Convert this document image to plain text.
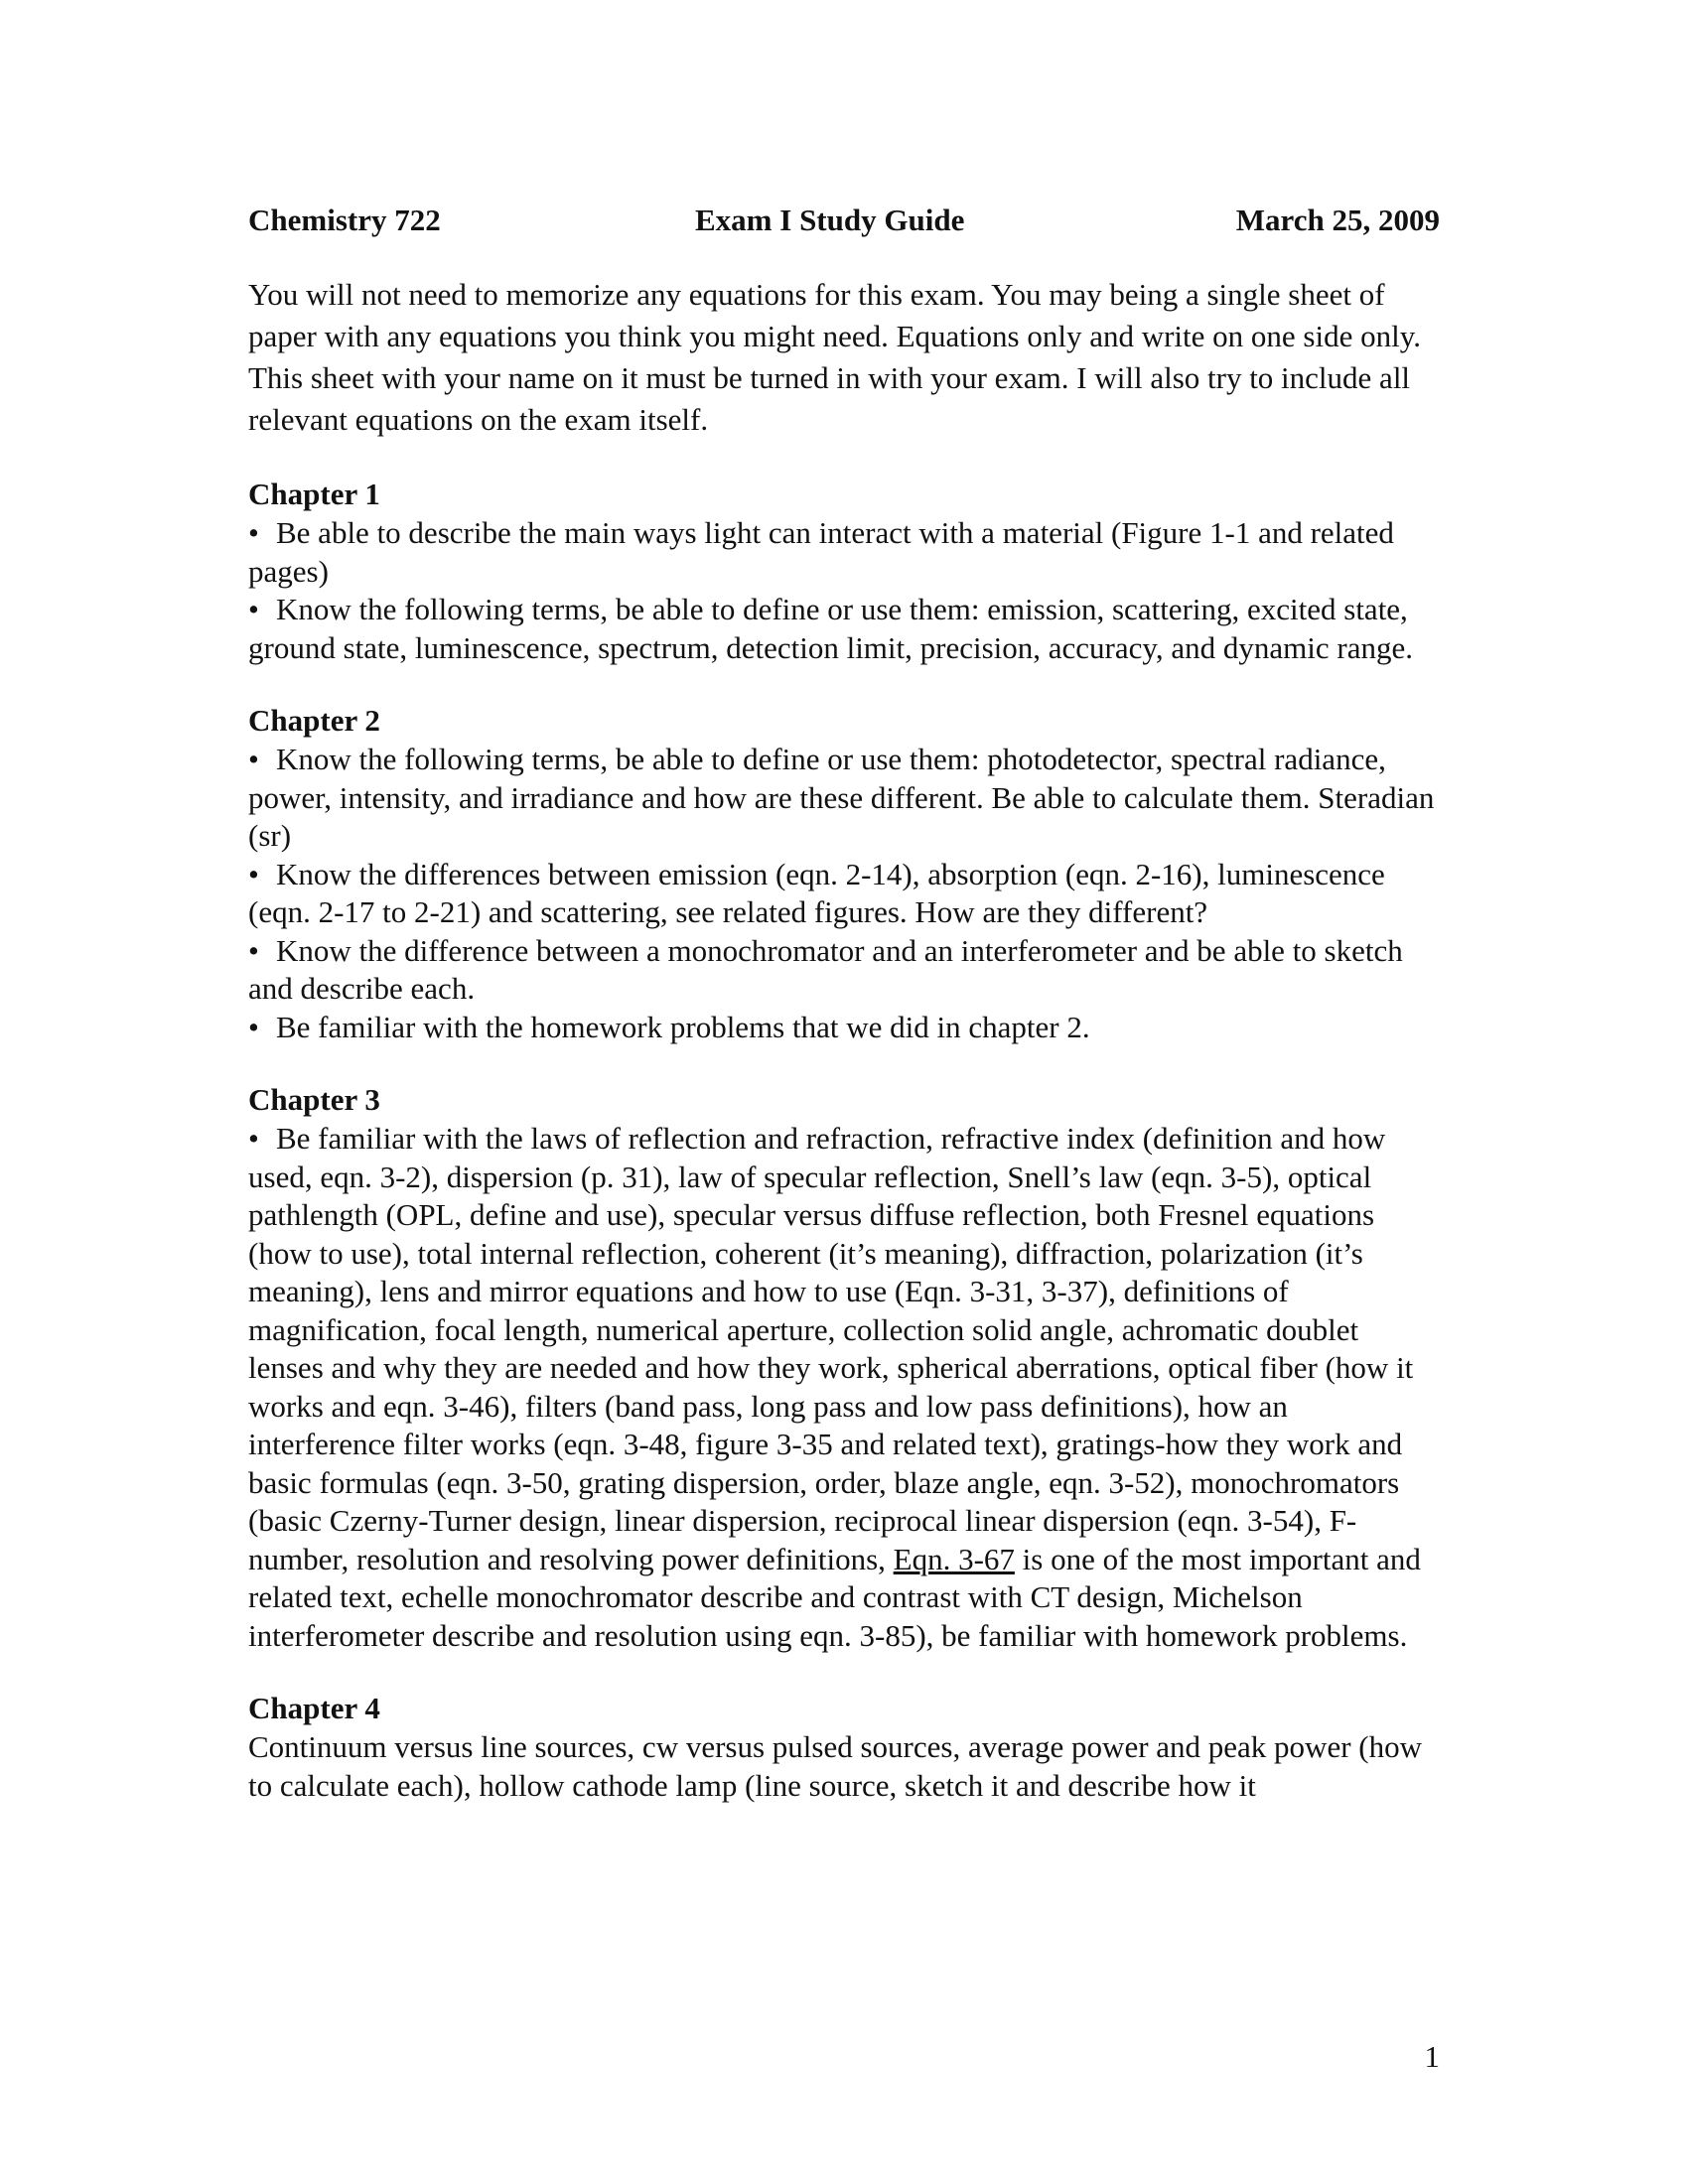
Chemistry 722	Exam I Study Guide	March 25, 2009

You will not need to memorize any equations for this exam. You may being a single sheet of paper with any equations you think you might need. Equations only and write on one side only. This sheet with your name on it must be turned in with your exam. I will also try to include all relevant equations on the exam itself.

Chapter 1

• Be able to describe the main ways light can interact with a material (Figure 1-1 and related pages)

• Know the following terms, be able to define or use them: emission, scattering, excited state, ground state, luminescence, spectrum, detection limit, precision, accuracy, and dynamic range.

Chapter 2

• Know the following terms, be able to define or use them: photodetector, spectral radiance, power, intensity, and irradiance and how are these different. Be able to calculate them. Steradian (sr)

• Know the differences between emission (eqn. 2-14), absorption (eqn. 2-16), luminescence (eqn. 2-17 to 2-21) and scattering, see related figures. How are they different?

• Know the difference between a monochromator and an interferometer and be able to sketch and describe each.

• Be familiar with the homework problems that we did in chapter 2.

Chapter 3

• Be familiar with the laws of reflection and refraction, refractive index (definition and how used, eqn. 3-2), dispersion (p. 31), law of specular reflection, Snell’s law (eqn. 3-5), optical pathlength (OPL, define and use), specular versus diffuse reflection, both Fresnel equations (how to use), total internal reflection, coherent (it’s meaning), diffraction, polarization (it’s meaning), lens and mirror equations and how to use (Eqn. 3-31, 3-37), definitions of magnification, focal length, numerical aperture, collection solid angle, achromatic doublet lenses and why they are needed and how they work, spherical aberrations, optical fiber (how it works and eqn. 3-46), filters (band pass, long pass and low pass definitions), how an interference filter works (eqn. 3-48, figure 3-35 and related text), gratings-how they work and basic formulas (eqn. 3-50, grating dispersion, order, blaze angle, eqn. 3-52), monochromators (basic Czerny-Turner design, linear dispersion, reciprocal linear dispersion (eqn. 3-54), F-number, resolution and resolving power definitions, Eqn. 3-67 is one of the most important and related text, echelle monochromator describe and contrast with CT design, Michelson interferometer describe and resolution using eqn. 3-85), be familiar with homework problems.

Chapter 4

Continuum versus line sources, cw versus pulsed sources, average power and peak power (how to calculate each), hollow cathode lamp (line source, sketch it and describe how it

1
